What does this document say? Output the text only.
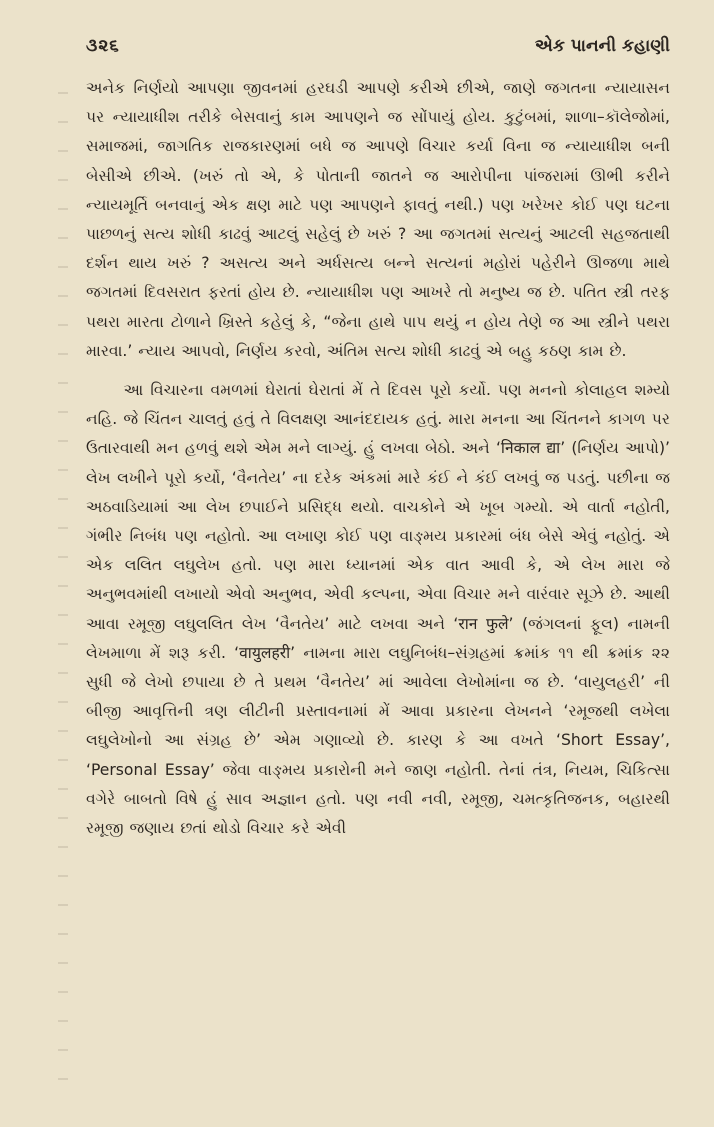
૩૨૬	એક પાનની કહાણી

અનેક નિર્ણયો આપણા જીવનમાં હરઘડી આપણે કરીએ છીએ, જાણે જગતના ન્યાયાસન પર ન્યાયાધીશ તરીકે બેસવાનું કામ આપણને જ સોંપાયું હોય. કુટુંબમાં, શાળા–કૉલેજોમાં, સમાજમાં, જાગતિક રાજકારણમાં બધે જ આપણે વિચાર કર્યા વિના જ ન્યાયાધીશ બની બેસીએ છીએ. (ખરું તો એ, કે પોતાની જાતને જ આરોપીના પાંજરામાં ઊભી કરીને ન્યાયમૂર્તિ બનવાનું એક ક્ષણ માટે પણ આપણને ફાવતું નથી.) પણ ખરેખર કોઈ પણ ઘટના પાછળનું સત્ય શોધી કાઢવું આટલું સહેલું છે ખરું ? આ જગતમાં સત્યનું આટલી સહજતાથી દર્શન થાય ખરું ? અસત્ય અને અર્ધસત્ય બન્ને સત્યનાં મહોરાં પહેરીને ઊજળા માથે જગતમાં દિવસરાત ફરતાં હોય છે. ન્યાયાધીશ પણ આખરે તો મનુષ્ય જ છે. પતિત સ્ત્રી તરફ પથરા મારતા ટોળાને ખ્રિસ્તે કહેલું કે, “જેના હાથે પાપ થયું ન હોય તેણે જ આ સ્ત્રીને પથરા મારવા.’ ન્યાય આપવો, નિર્ણય કરવો, અંતિમ સત્ય શોધી કાઢવું એ બહુ કઠણ કામ છે.

આ વિચારના વમળમાં ઘેરાતાં ઘેરાતાં મેં તે દિવસ પૂરો કર્યો. પણ મનનો કોલાહલ શમ્યો નહિ. જે ચિંતન ચાલતું હતું તે વિલક્ષણ આનંદદાયક હતું. મારા મનના આ ચિંતનને કાગળ પર ઉતારવાથી મન હળવું થશે એમ મને લાગ્યું. હું લખવા બેઠો. અને ‘निकाल द्या’ (નિર્ણય આપો)’ લેખ લખીને પૂરો કર્યો, ‘વૈનતેય’ ના દરેક અંકમાં મારે કંઈ ને કંઈ લખવું જ પડતું. પછીના જ અઠવાડિયામાં આ લેખ છપાઈને પ્રસિદ્ધ થયો. વાચકોને એ ખૂબ ગમ્યો. એ વાર્તા નહોતી, ગંભીર નિબંધ પણ નહોતો. આ લખાણ કોઈ પણ વાઙ્મય પ્રકારમાં બંધ બેસે એવું નહોતું. એ એક લલિત લઘુલેખ હતો. પણ મારા ધ્યાનમાં એક વાત આવી કે, એ લેખ મારા જે અનુભવમાંથી લખાયો એવો અનુભવ, એવી કલ્પના, એવા વિચાર મને વારંવાર સૂઝે છે. આથી આવા રમૂજી લઘુલલિત લેખ ‘વૈનતેય’ માટે લખવા અને ‘रान फुले’ (જંગલનાં ફૂલ) નામની લેખમાળા મેં શરૂ કરી. ‘वायुलहरी’ નામના મારા લઘુનિબંધ–સંગ્રહમાં ક્રમાંક ૧૧ થી ક્રમાંક ૨૨ સુધી જે લેખો છપાયા છે તે પ્રથમ ‘વૈનતેય’ માં આવેલા લેખોમાંના જ છે. ‘વાયુલહરી’ ની બીજી આવૃત્તિની ત્રણ લીટીની પ્રસ્તાવનામાં મેં આવા પ્રકારના લેખનને ‘રમૂજથી લખેલા લઘુલેખોનો આ સંગ્રહ છે’ એમ ગણાવ્યો છે. કારણ કે આ વખતે ‘Short Essay’, ‘Personal Essay’ જેવા વાઙ્મય પ્રકારોની મને જાણ નહોતી. તેનાં તંત્ર, નિયમ, ચિકિત્સા વગેરે બાબતો વિષે હું સાવ અજ્ઞાન હતો. પણ નવી નવી, રમૂજી, ચમત્કૃતિજનક, બહારથી રમૂજી જણાય છતાં થોડો વિચાર કરે એવી
